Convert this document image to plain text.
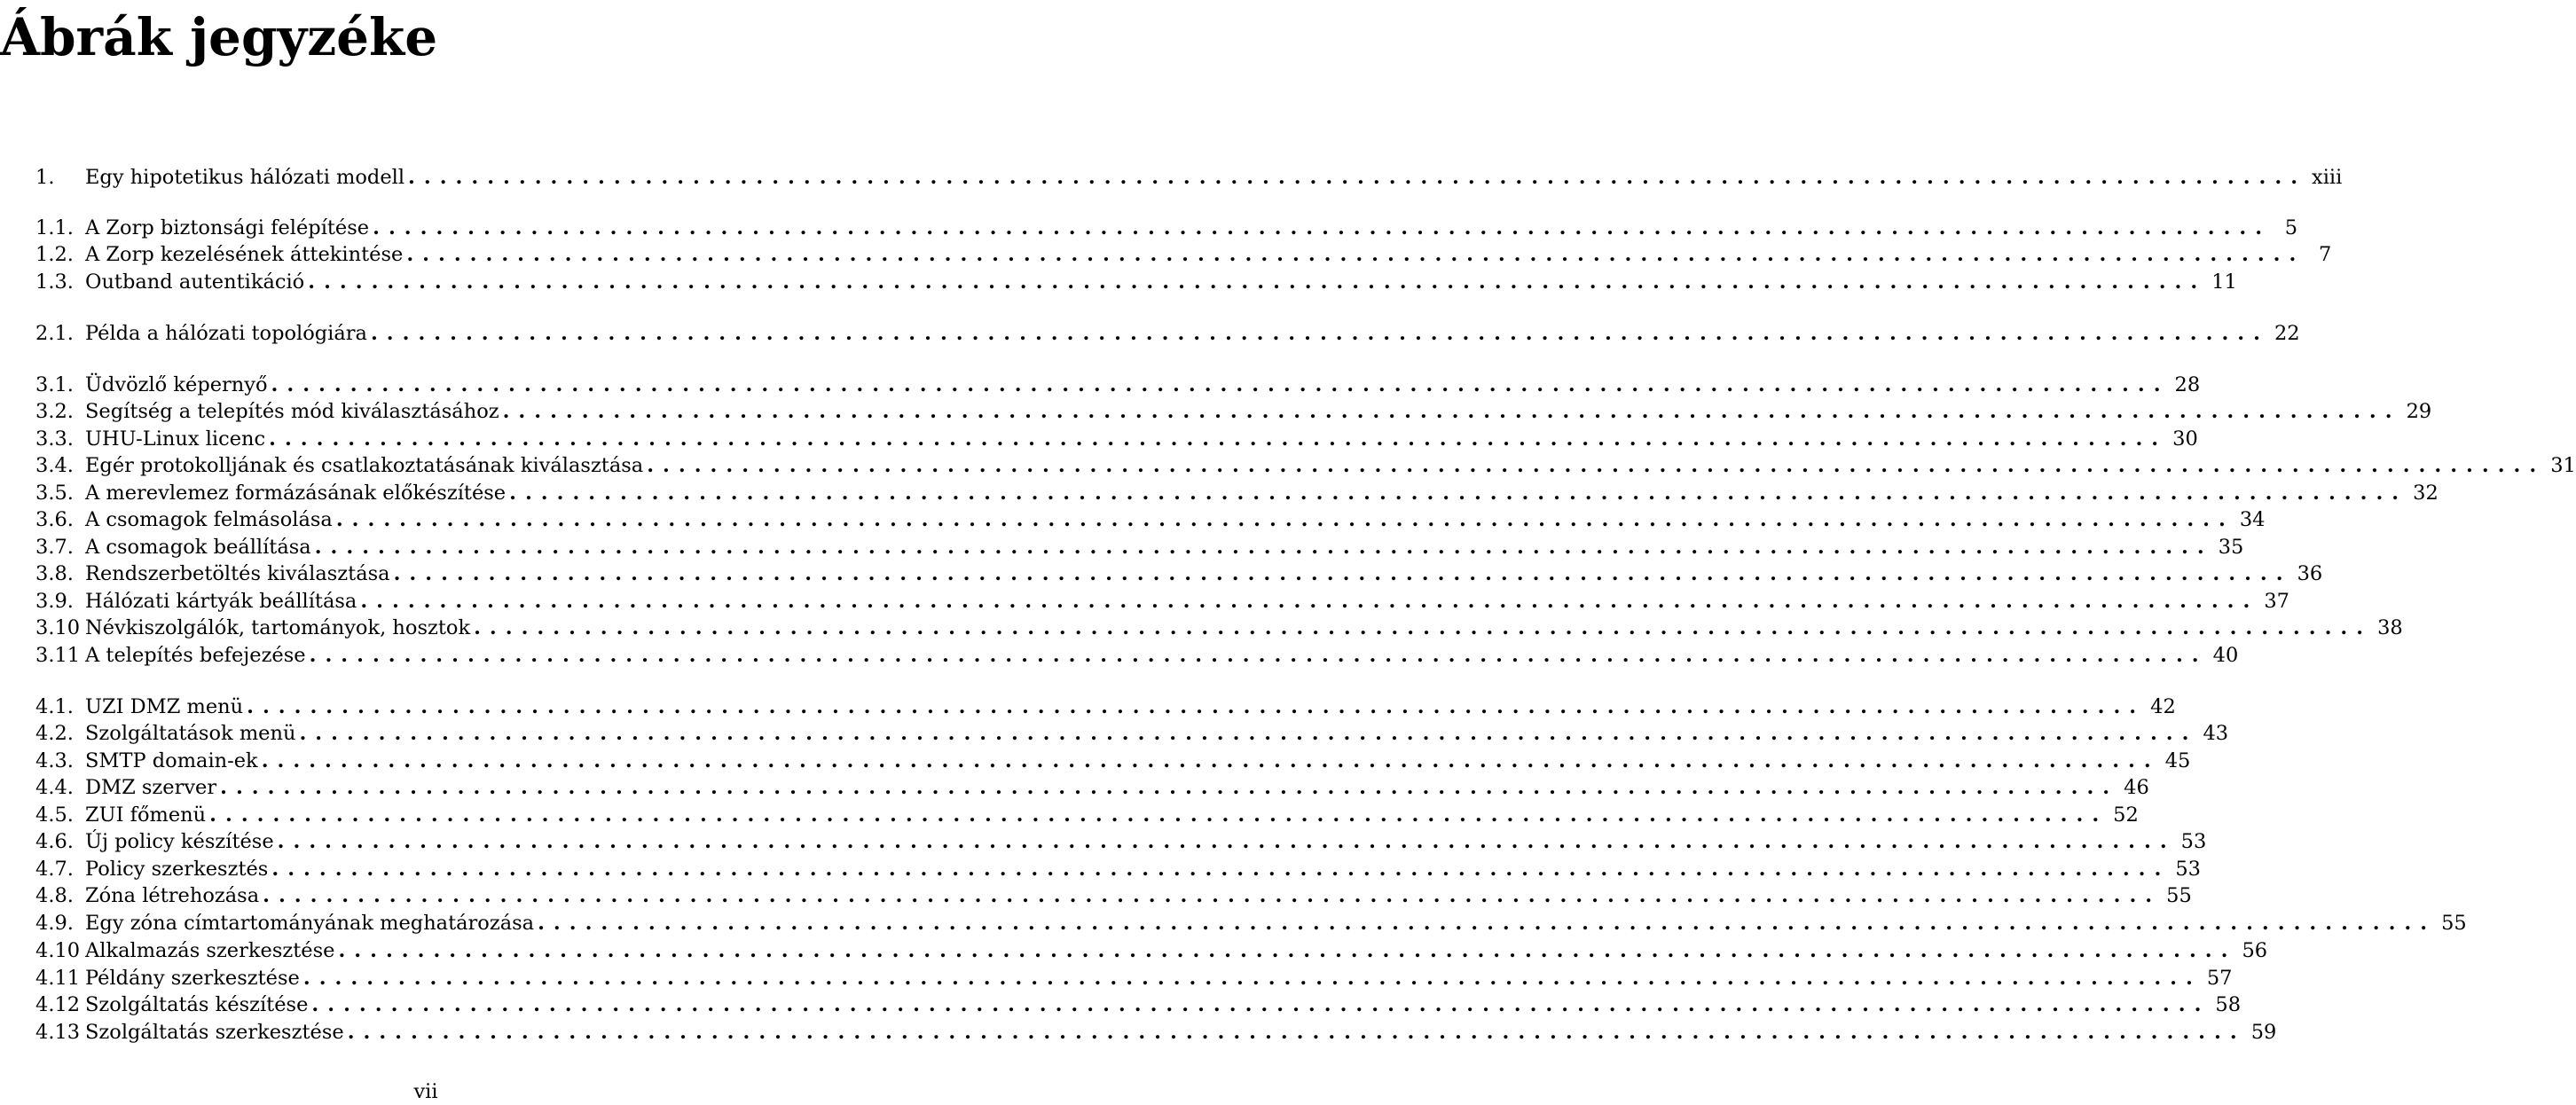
Ábrák jegyzéke
1.	Egy hipotetikus hálózati modell ........................................................................................................................ xiii
1.1. A Zorp biztonsági felépítése ........................................................................................................................ 5
1.2. A Zorp kezelésének áttekintése ........................................................................................................................ 7
1.3. Outband autentikáció ........................................................................................................................ 11
2.1. Példa a hálózati topológiára ........................................................................................................................ 22
3.1. Üdvözlő képernyő ........................................................................................................................ 28
3.2. Segítség a telepítés mód kiválasztásához ........................................................................................................................ 29
3.3. UHU-Linux licenc ........................................................................................................................ 30
3.4. Egér protokolljának és csatlakoztatásának kiválasztása ........................................................................................................................ 31
3.5. A merevlemez formázásának előkészítése ........................................................................................................................ 32
3.6. A csomagok felmásolása ........................................................................................................................ 34
3.7. A csomagok beállítása ........................................................................................................................ 35
3.8. Rendszerbetöltés kiválasztása ........................................................................................................................ 36
3.9. Hálózati kártyák beállítása ........................................................................................................................ 37
3.10 Névkiszolgálók, tartományok, hosztok ........................................................................................................................ 38
3.11 A telepítés befejezése ........................................................................................................................ 40
4.1. UZI DMZ menü ........................................................................................................................ 42
4.2. Szolgáltatások menü ........................................................................................................................ 43
4.3. SMTP domain-ek ........................................................................................................................ 45
4.4. DMZ szerver ........................................................................................................................ 46
4.5. ZUI főmenü ........................................................................................................................ 52
4.6. Új policy készítése ........................................................................................................................ 53
4.7. Policy szerkesztés ........................................................................................................................ 53
4.8. Zóna létrehozása ........................................................................................................................ 55
4.9. Egy zóna címtartományának meghatározása ........................................................................................................................ 55
4.10 Alkalmazás szerkesztése ........................................................................................................................ 56
4.11 Példány szerkesztése ........................................................................................................................ 57
4.12 Szolgáltatás készítése ........................................................................................................................ 58
4.13 Szolgáltatás szerkesztése ........................................................................................................................ 59
vii
